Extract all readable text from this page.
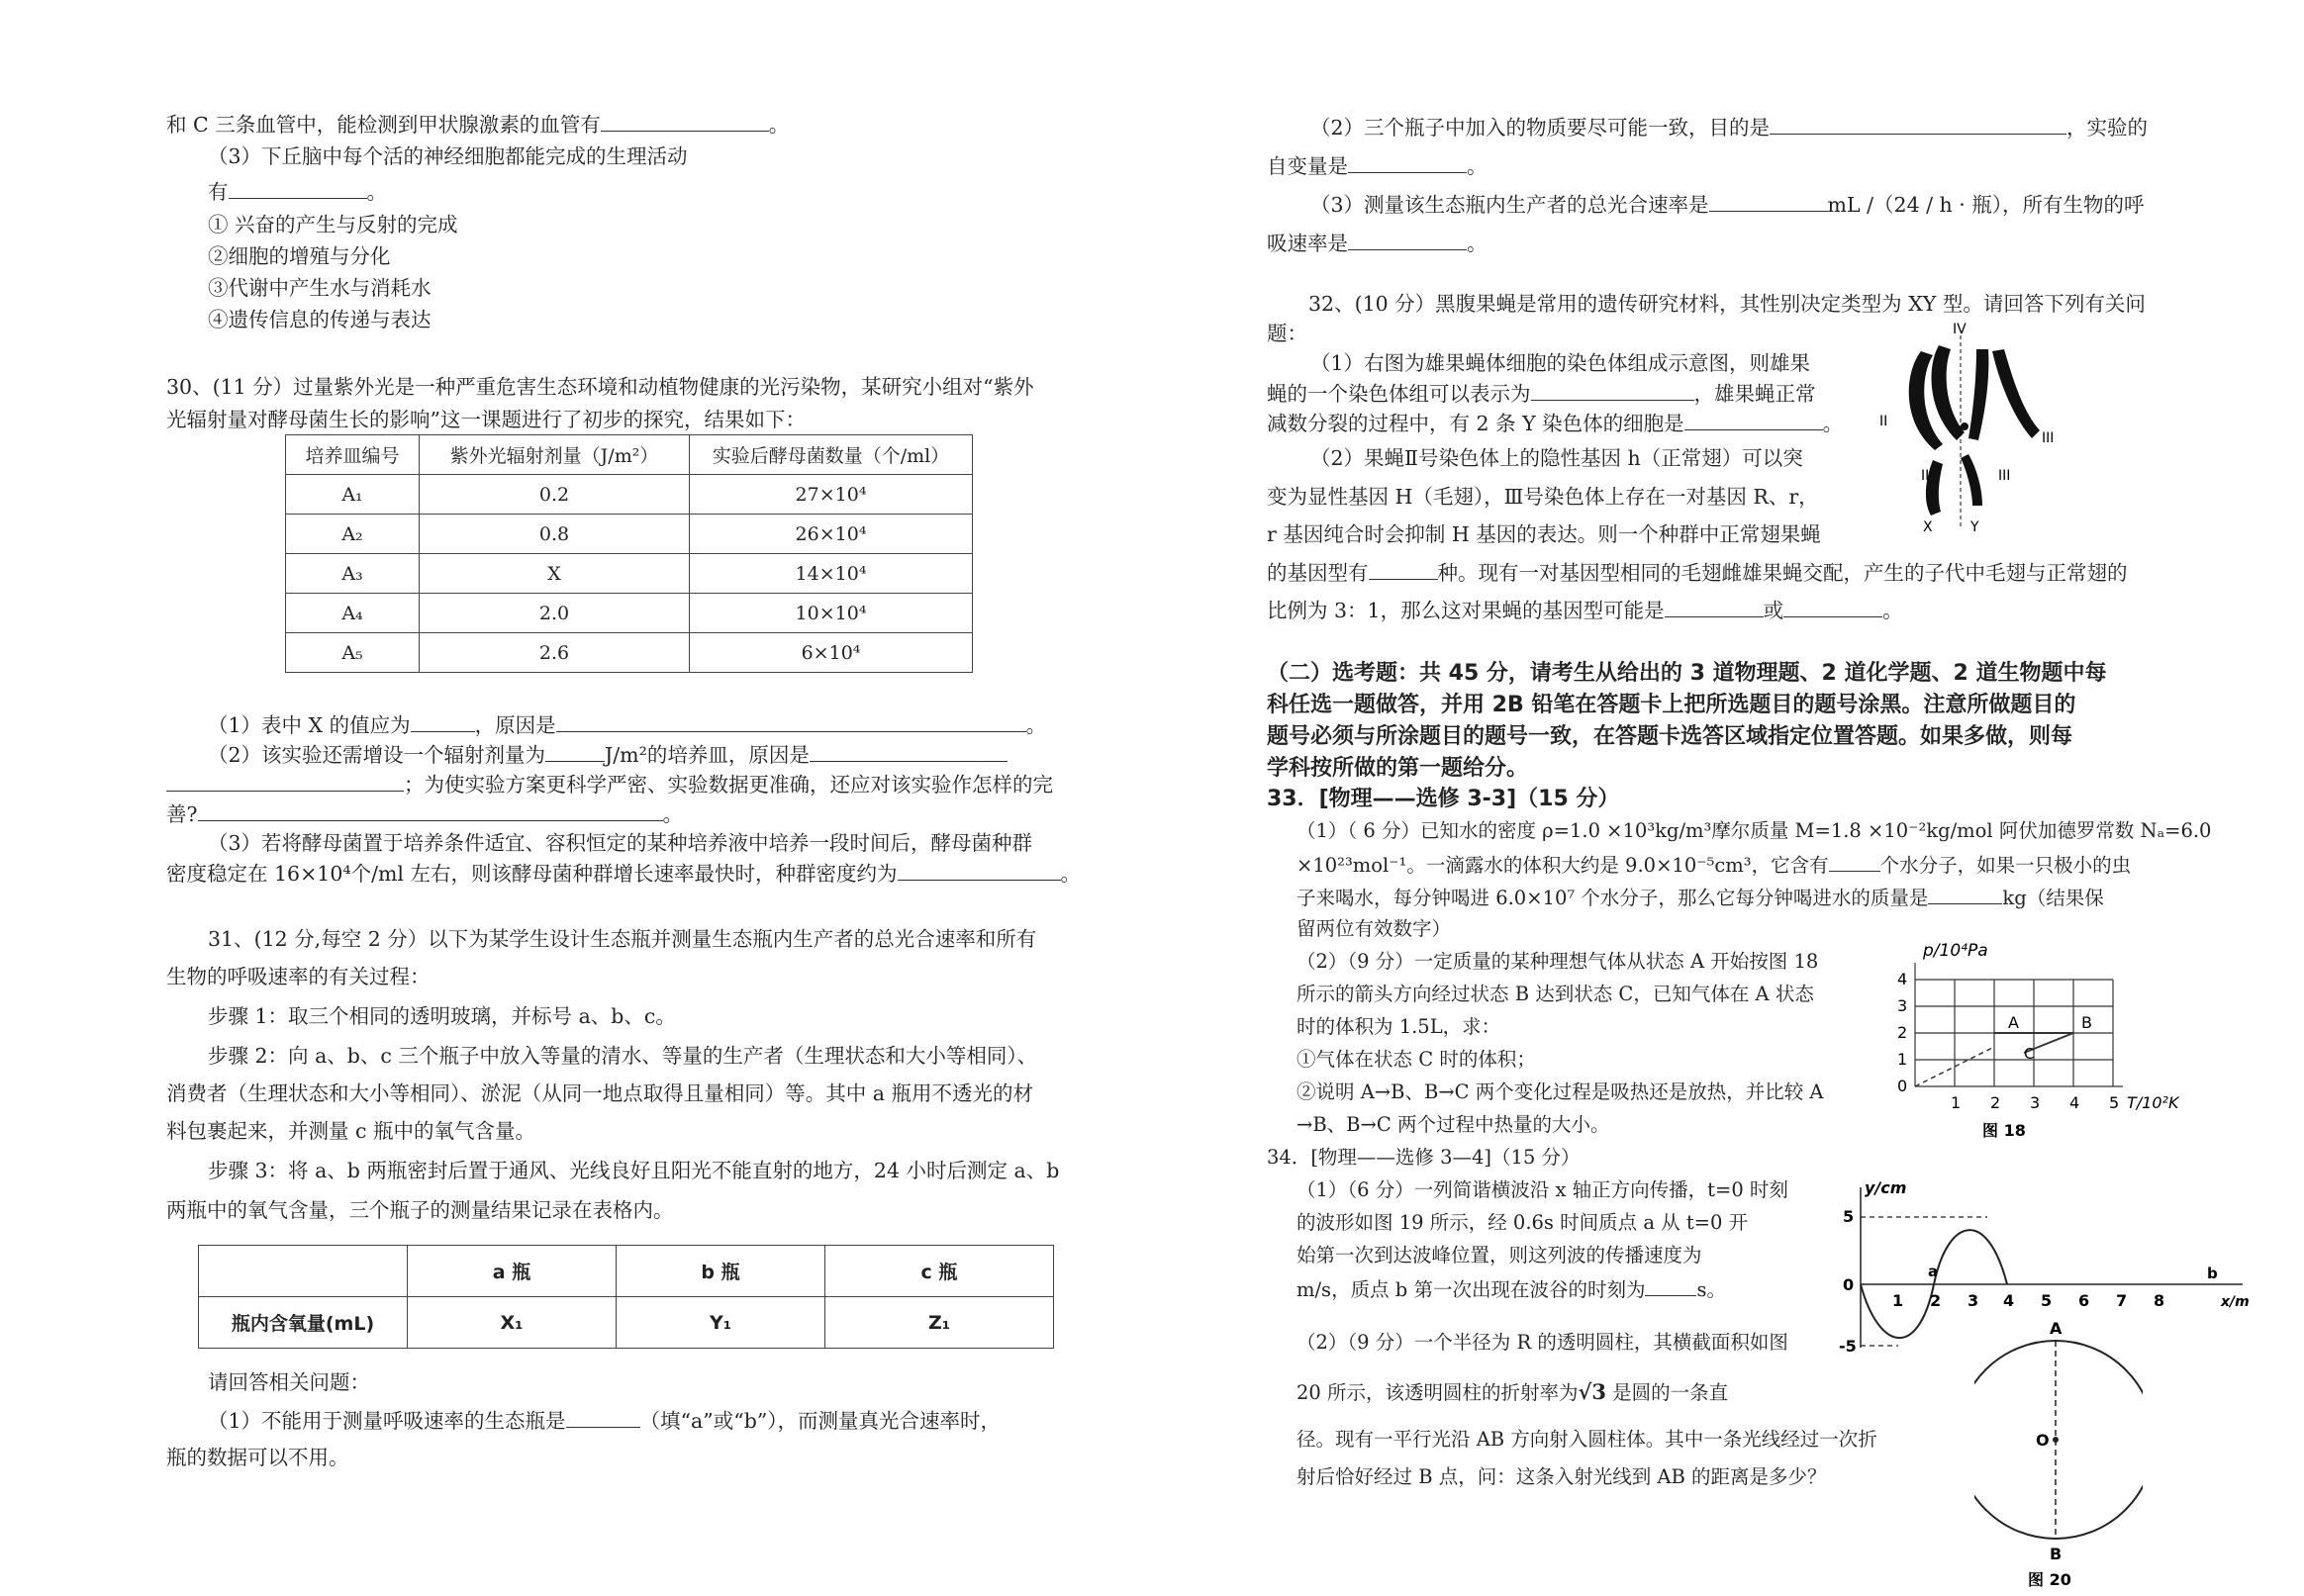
和 C 三条血管中，能检测到甲状腺激素的血管有	。
（3）下丘脑中每个活的神经细胞都能完成的生理活动
有	。
① 兴奋的产生与反射的完成
②细胞的增殖与分化
③代谢中产生水与消耗水
④遗传信息的传递与表达
30、(11 分）过量紫外光是一种严重危害生态环境和动植物健康的光污染物，某研究小组对“紫外
光辐射量对酵母菌生长的影响”这一课题进行了初步的探究，结果如下：
培养皿编号	紫外光辐射剂量（J/m²）	实验后酵母菌数量（个/ml）
A₁	0.2	27×10⁴
A₂	0.8	26×10⁴
A₃	X	14×10⁴
A₄	2.0	10×10⁴
A₅	2.6	6×10⁴
（1）表中 X 的值应为	，原因是	。
（2）该实验还需增设一个辐射剂量为	J/m²的培养皿，原因是
；为使实验方案更科学严密、实验数据更准确，还应对该实验作怎样的完
善?	。
（3）若将酵母菌置于培养条件适宜、容积恒定的某种培养液中培养一段时间后，酵母菌种群
密度稳定在 16×10⁴个/ml 左右，则该酵母菌种群增长速率最快时，种群密度约为	。
31、(12 分,每空 2 分）以下为某学生设计生态瓶并测量生态瓶内生产者的总光合速率和所有
生物的呼吸速率的有关过程：
步骤 1：取三个相同的透明玻璃，并标号 a、b、c。
步骤 2：向 a、b、c 三个瓶子中放入等量的清水、等量的生产者（生理状态和大小等相同）、
消费者（生理状态和大小等相同）、淤泥（从同一地点取得且量相同）等。其中 a 瓶用不透光的材
料包裹起来，并测量 c 瓶中的氧气含量。
步骤 3：将 a、b 两瓶密封后置于通风、光线良好且阳光不能直射的地方，24 小时后测定 a、b
两瓶中的氧气含量，三个瓶子的测量结果记录在表格内。
	a 瓶	b 瓶	c 瓶
瓶内含氧量(mL)	X₁	Y₁	Z₁
请回答相关问题：
（1）不能用于测量呼吸速率的生态瓶是	（填“a”或“b”），而测量真光合速率时，
瓶的数据可以不用。
（2）三个瓶子中加入的物质要尽可能一致，目的是	，实验的
自变量是	。
（3）测量该生态瓶内生产者的总光合速率是	mL /（24 / h · 瓶），所有生物的呼
吸速率是	。
32、(10 分）黑腹果蝇是常用的遗传研究材料，其性别决定类型为 XY 型。请回答下列有关问
题：
（1）右图为雄果蝇体细胞的染色体组成示意图，则雄果
蝇的一个染色体组可以表示为	，雄果蝇正常
减数分裂的过程中，有 2 条 Y 染色体的细胞是	。
（2）果蝇Ⅱ号染色体上的隐性基因 h（正常翅）可以突
变为显性基因 H（毛翅），Ⅲ号染色体上存在一对基因 R、r，
r 基因纯合时会抑制 H 基因的表达。则一个种群中正常翅果蝇
的基因型有	种。现有一对基因型相同的毛翅雌雄果蝇交配，产生的子代中毛翅与正常翅的
比例为 3：1，那么这对果蝇的基因型可能是	或	。
IV
II
III
II	III
X	Y
（二）选考题：共 45 分，请考生从给出的 3 道物理题、2 道化学题、2 道生物题中每
科任选一题做答，并用 2B 铅笔在答题卡上把所选题目的题号涂黑。注意所做题目的
题号必须与所涂题目的题号一致，在答题卡选答区域指定位置答题。如果多做，则每
学科按所做的第一题给分。
33．[物理——选修 3-3]（15 分）
（1）（ 6 分）已知水的密度 ρ=1.0 ×10³kg/m³摩尔质量 M=1.8 ×10⁻²kg/mol 阿伏加德罗常数 Nₐ=6.0
×10²³mol⁻¹。一滴露水的体积大约是 9.0×10⁻⁵cm³，它含有	个水分子，如果一只极小的虫
子来喝水，每分钟喝进 6.0×10⁷ 个水分子，那么它每分钟喝进水的质量是	kg（结果保
留两位有效数字）
（2）（9 分）一定质量的某种理想气体从状态 A 开始按图 18
所示的箭头方向经过状态 B 达到状态 C，已知气体在 A 状态
时的体积为 1.5L，求：
①气体在状态 C 时的体积；
②说明 A→B、B→C 两个变化过程是吸热还是放热，并比较 A
→B、B→C 两个过程中热量的大小。
p/10⁴Pa
0
1
2
3
4
1 2 3 4 5 T/10²K
A	B
C
图 18
34．[物理——选修 3—4]（15 分）
（1）（6 分）一列简谐横波沿 x 轴正方向传播，t=0 时刻
的波形如图 19 所示，经 0.6s 时间质点 a 从 t=0 开
始第一次到达波峰位置，则这列波的传播速度为
m/s，质点 b 第一次出现在波谷的时刻为	s。
y/cm
5
-5
0
1 2 3 4 5 6 7 8	x/m
a	b
（2）（9 分）一个半径为 R 的透明圆柱，其横截面积如图
20 所示，该透明圆柱的折射率为√3 是圆的一条直
径。现有一平行光沿 AB 方向射入圆柱体。其中一条光线经过一次折
射后恰好经过 B 点，问：这条入射光线到 AB 的距离是多少？
A
O
B
图 20
